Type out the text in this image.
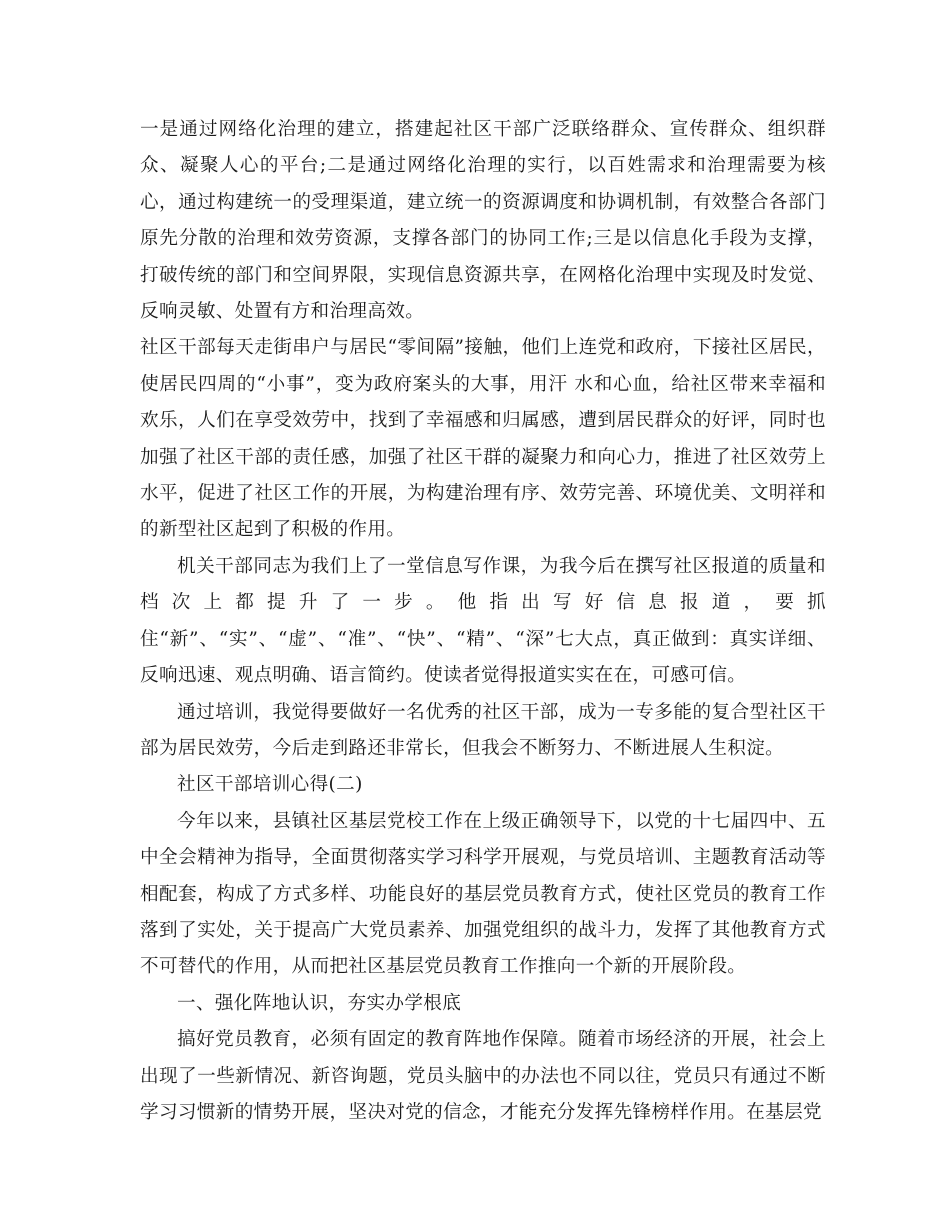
一是通过网络化治理的建立，搭建起社区干部广泛联络群众、宣传群众、组织群众、凝聚人心的平台;二是通过网络化治理的实行，以百姓需求和治理需要为核心，通过构建统一的受理渠道，建立统一的资源调度和协调机制，有效整合各部门原先分散的治理和效劳资源，支撑各部门的协同工作;三是以信息化手段为支撑，打破传统的部门和空间界限，实现信息资源共享，在网格化治理中实现及时发觉、反响灵敏、处置有方和治理高效。

社区干部每天走街串户与居民“零间隔”接触，他们上连党和政府，下接社区居民，使居民四周的“小事”，变为政府案头的大事，用汗 水和心血，给社区带来幸福和欢乐，人们在享受效劳中，找到了幸福感和归属感，遭到居民群众的好评，同时也加强了社区干部的责任感，加强了社区干群的凝聚力和向心力，推进了社区效劳上水平，促进了社区工作的开展，为构建治理有序、效劳完善、环境优美、文明祥和的新型社区起到了积极的作用。

机关干部同志为我们上了一堂信息写作课，为我今后在撰写社区报道的质量和档次上都提升了一步。他指出写好信息报道，要抓住“新”、“实”、“虚”、“准”、“快”、“精”、“深”七大点，真正做到：真实详细、反响迅速、观点明确、语言简约。使读者觉得报道实实在在，可感可信。

通过培训，我觉得要做好一名优秀的社区干部，成为一专多能的复合型社区干部为居民效劳，今后走到路还非常长，但我会不断努力、不断进展人生积淀。

社区干部培训心得(二)

今年以来，县镇社区基层党校工作在上级正确领导下，以党的十七届四中、五中全会精神为指导，全面贯彻落实学习科学开展观，与党员培训、主题教育活动等相配套，构成了方式多样、功能良好的基层党员教育方式，使社区党员的教育工作落到了实处，关于提高广大党员素养、加强党组织的战斗力，发挥了其他教育方式不可替代的作用，从而把社区基层党员教育工作推向一个新的开展阶段。

一、强化阵地认识，夯实办学根底

搞好党员教育，必须有固定的教育阵地作保障。随着市场经济的开展，社会上出现了一些新情况、新咨询题，党员头脑中的办法也不同以往，党员只有通过不断学习习惯新的情势开展，坚决对党的信念，才能充分发挥先锋榜样作用。在基层党
